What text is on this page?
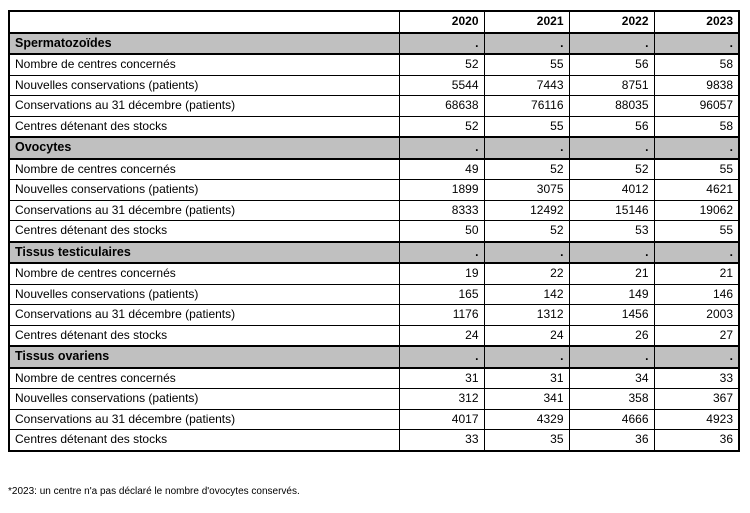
	2020	2021	2022	2023
Spermatozoïdes	.	.	.	.
Nombre de centres concernés	52	55	56	58
Nouvelles conservations (patients)	5544	7443	8751	9838
Conservations au 31 décembre (patients)	68638	76116	88035	96057
Centres détenant des stocks	52	55	56	58
Ovocytes	.	.	.	.
Nombre de centres concernés	49	52	52	55
Nouvelles conservations (patients)	1899	3075	4012	4621
Conservations au 31 décembre (patients)	8333	12492	15146	19062
Centres détenant des stocks	50	52	53	55
Tissus testiculaires	.	.	.	.
Nombre de centres concernés	19	22	21	21
Nouvelles conservations (patients)	165	142	149	146
Conservations au 31 décembre (patients)	1176	1312	1456	2003
Centres détenant des stocks	24	24	26	27
Tissus ovariens	.	.	.	.
Nombre de centres concernés	31	31	34	33
Nouvelles conservations (patients)	312	341	358	367
Conservations au 31 décembre (patients)	4017	4329	4666	4923
Centres détenant des stocks	33	35	36	36
*2023: un centre n'a pas déclaré le nombre d'ovocytes conservés.
